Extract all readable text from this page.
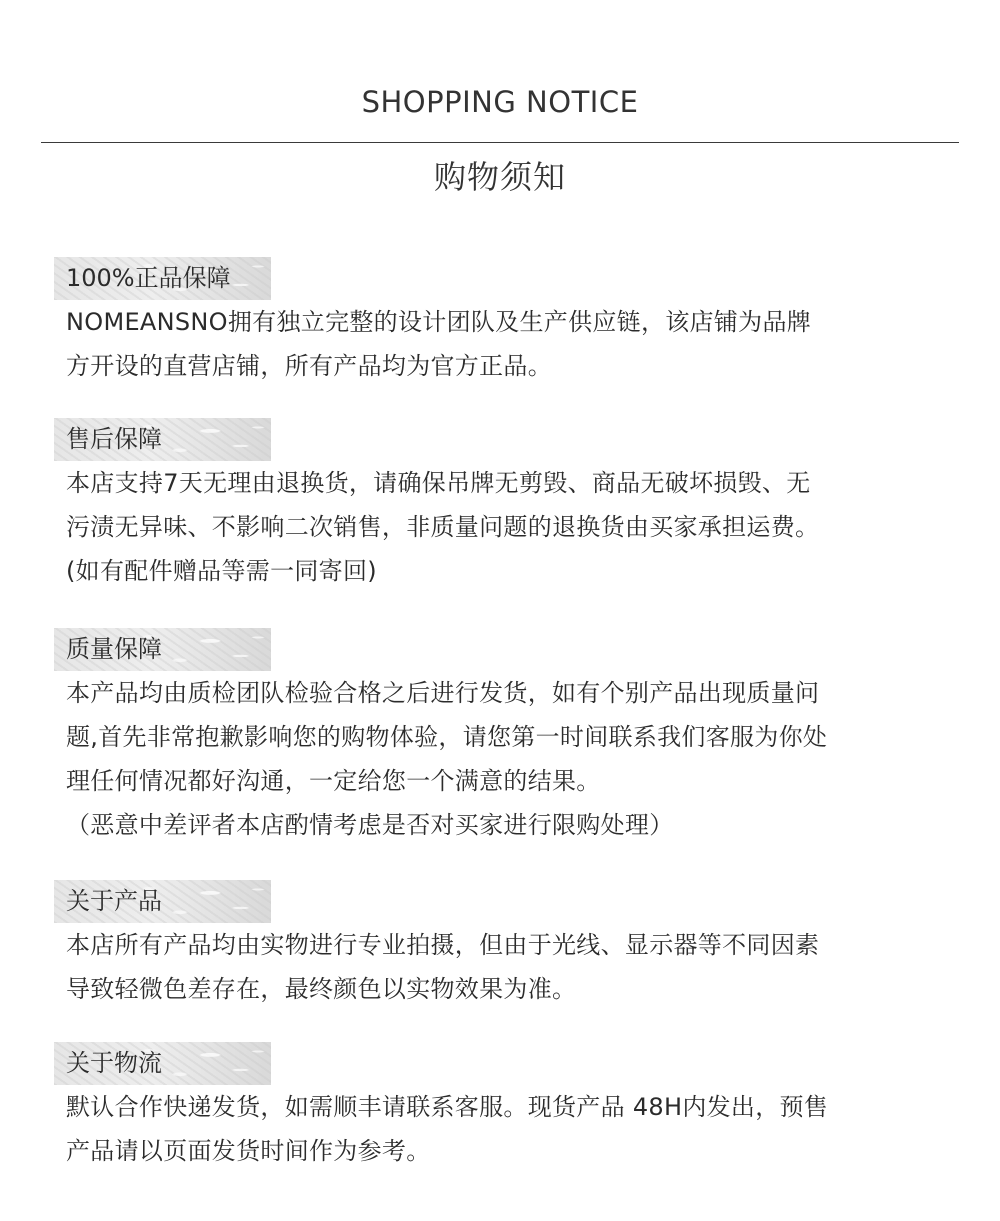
SHOPPING NOTICE
购物须知
100%正品保障

NOMEANSNO拥有独立完整的设计团队及生产供应链，该店铺为品牌

方开设的直营店铺，所有产品均为官方正品。

售后保障

本店支持7天无理由退换货，请确保吊牌无剪毁、商品无破坏损毁、无

污渍无异味、不影响二次销售，非质量问题的退换货由买家承担运费。

(如有配件赠品等需一同寄回)

质量保障

本产品均由质检团队检验合格之后进行发货，如有个别产品出现质量问

题,首先非常抱歉影响您的购物体验，请您第一时间联系我们客服为你处

理任何情况都好沟通，一定给您一个满意的结果。

（恶意中差评者本店酌情考虑是否对买家进行限购处理）

关于产品

本店所有产品均由实物进行专业拍摄，但由于光线、显示器等不同因素

导致轻微色差存在，最终颜色以实物效果为准。

关于物流

默认合作快递发货，如需顺丰请联系客服。现货产品 48H内发出，预售

产品请以页面发货时间作为参考。
